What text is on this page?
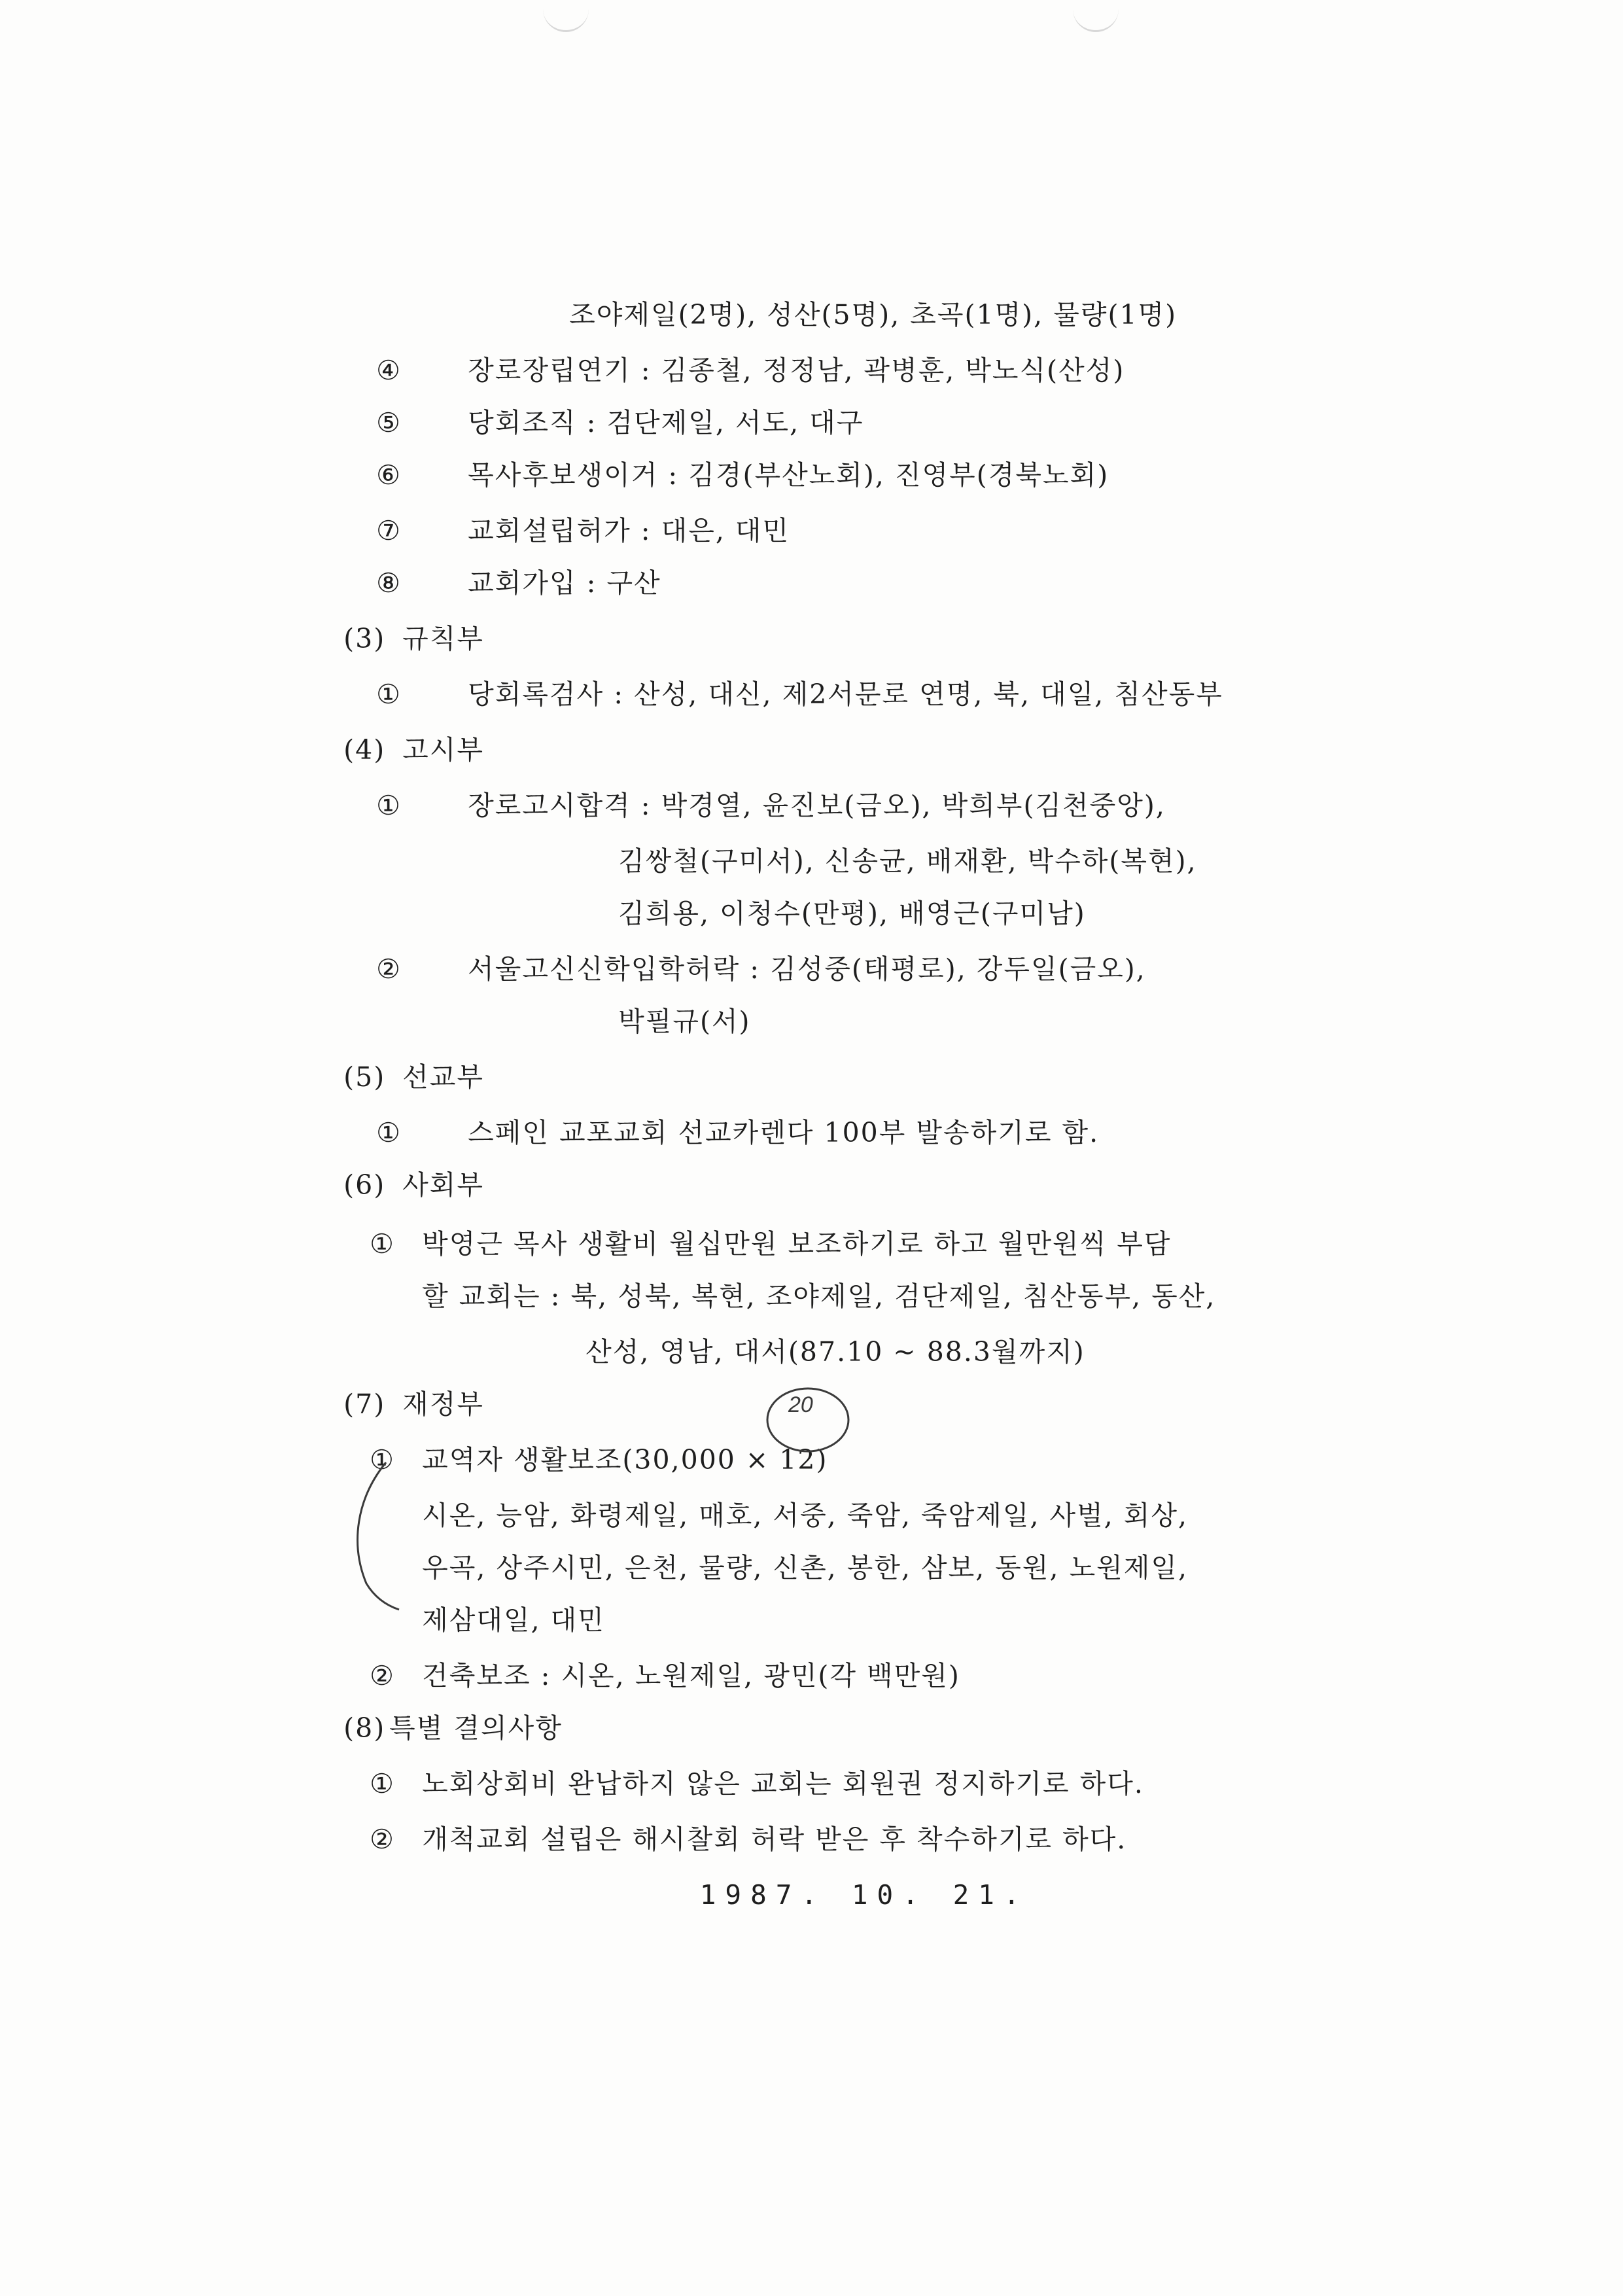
조야제일(2명), 성산(5명), 초곡(1명), 물량(1명)

④ 장로장립연기 : 김종철, 정정남, 곽병훈, 박노식(산성)

⑤ 당회조직 : 검단제일, 서도, 대구

⑥ 목사후보생이거 : 김경(부산노회), 진영부(경북노회)

⑦ 교회설립허가 : 대은, 대민

⑧ 교회가입 : 구산

(3) 규칙부

① 당회록검사 : 산성, 대신, 제2서문로 연명, 북, 대일, 침산동부

(4) 고시부

① 장로고시합격 : 박경열, 윤진보(금오), 박희부(김천중앙),

김쌍철(구미서), 신송균, 배재환, 박수하(복현),

김희용, 이청수(만평), 배영근(구미남)

② 서울고신신학입학허락 : 김성중(태평로), 강두일(금오),

박필규(서)

(5) 선교부

① 스페인 교포교회 선교카렌다 100부 발송하기로 함.

(6) 사회부

① 박영근 목사 생활비 월십만원 보조하기로 하고 월만원씩 부담

할 교회는 : 북, 성북, 복현, 조야제일, 검단제일, 침산동부, 동산,

산성, 영남, 대서(87.10 ~ 88.3월까지)

(7) 재정부

① 교역자 생활보조(30,000 × 12)

시온, 능암, 화령제일, 매호, 서중, 죽암, 죽암제일, 사벌, 회상,

우곡, 상주시민, 은천, 물량, 신촌, 봉한, 삼보, 동원, 노원제일,

제삼대일, 대민

② 건축보조 : 시온, 노원제일, 광민(각 백만원)

(8) 특별 결의사항

① 노회상회비 완납하지 않은 교회는 회원권 정지하기로 하다.

② 개척교회 설립은 해시찰회 허락 받은 후 착수하기로 하다.

1987. 10. 21.

20
